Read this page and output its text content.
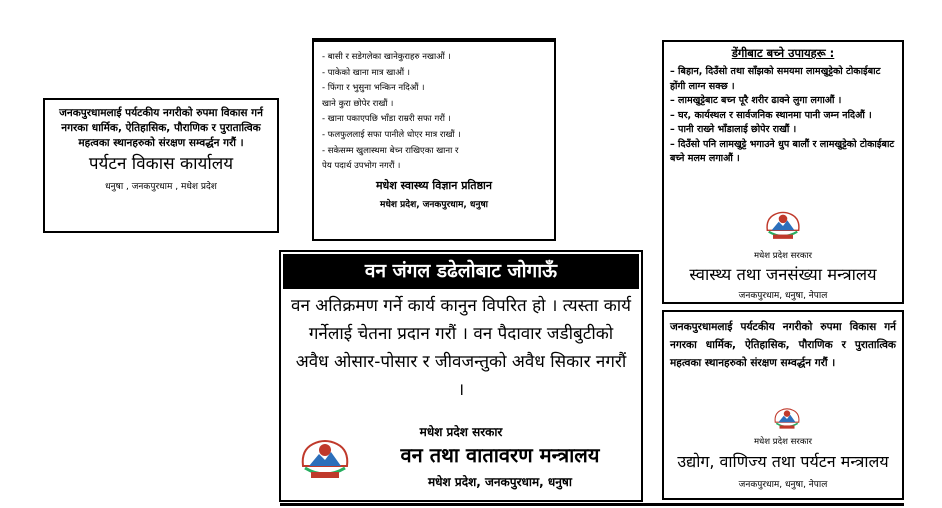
जनकपुरधामलाई पर्यटकीय नगरीको रुपमा विकास गर्न नगरका धार्मिक, ऐतिहासिक, पौराणिक र पुरातात्विक महत्वका स्थानहरुको संरक्षण सम्वर्द्धन गरौं ।
पर्यटन विकास कार्यालय
धनुषा , जनकपुरधाम , मधेश प्रदेश
- बासी र सडेगलेका खानेकुराहरु नखाऔं ।
- पाकेको खाना मात्र खाऔं ।
- फिंगा र भुसुना भन्किन नदिऔं ।
खाने कुरा छोपेर राखौं ।
- खाना पकाएपछि भाँडा राम्ररी सफा गरौं ।
- फलफुललाई सफा पानीले धोएर मात्र राखौं ।
- सकेसम्म खुलास्थमा बेच्न राखिएका खाना र
पेय पदार्थ उपभोग नगरौं ।
मधेश स्वास्थ्य विज्ञान प्रतिष्ठान
मधेश प्रदेश, जनकपुरधाम, धनुषा
वन जंगल डढेलोबाट जोगाऊँ
वन अतिक्रमण गर्ने कार्य कानुन विपरित हो । त्यस्ता कार्य गर्नेलाई चेतना प्रदान गरौं । वन पैदावार जडीबुटीको अवैध ओसार-पोसार र जीवजन्तुको अवैध सिकार नगरौं ।
मधेश प्रदेश सरकार
वन तथा वातावरण मन्त्रालय
मधेश प्रदेश, जनकपुरधाम, धनुषा
डेंगीबाट बच्ने उपायहरू :
– बिहान, दिउँसो तथा साँझको समयमा लामखुट्टेको टोकाईबाट होंगी लाग्न सक्छ ।
– लामखुट्टेबाट बच्न पूरै शरीर ढाक्ने लुगा लगाऔं ।
– घर, कार्यस्थल र सार्वजनिक स्थानमा पानी जम्न नदिऔं ।
– पानी राख्ने भाँडालाई छोपेर राखौं ।
– दिउँसो पनि लामखुट्टे भगाउने धुप बालौं र लामखुट्टेको टोकाईबाट बच्ने मलम लगाऔं ।
मधेश प्रदेश सरकार
स्वास्थ्य तथा जनसंख्या मन्त्रालय
जनकपुरधाम, धनुषा, नेपाल
जनकपुरधामलाई पर्यटकीय नगरीको रुपमा विकास गर्न नगरका धार्मिक, ऐतिहासिक, पौराणिक र पुरातात्विक महत्वका स्थानहरुको संरक्षण सम्वर्द्धन गरौं ।
मधेश प्रदेश सरकार
उद्योग, वाणिज्य तथा पर्यटन मन्त्रालय
जनकपुरधाम, धनुषा, नेपाल
